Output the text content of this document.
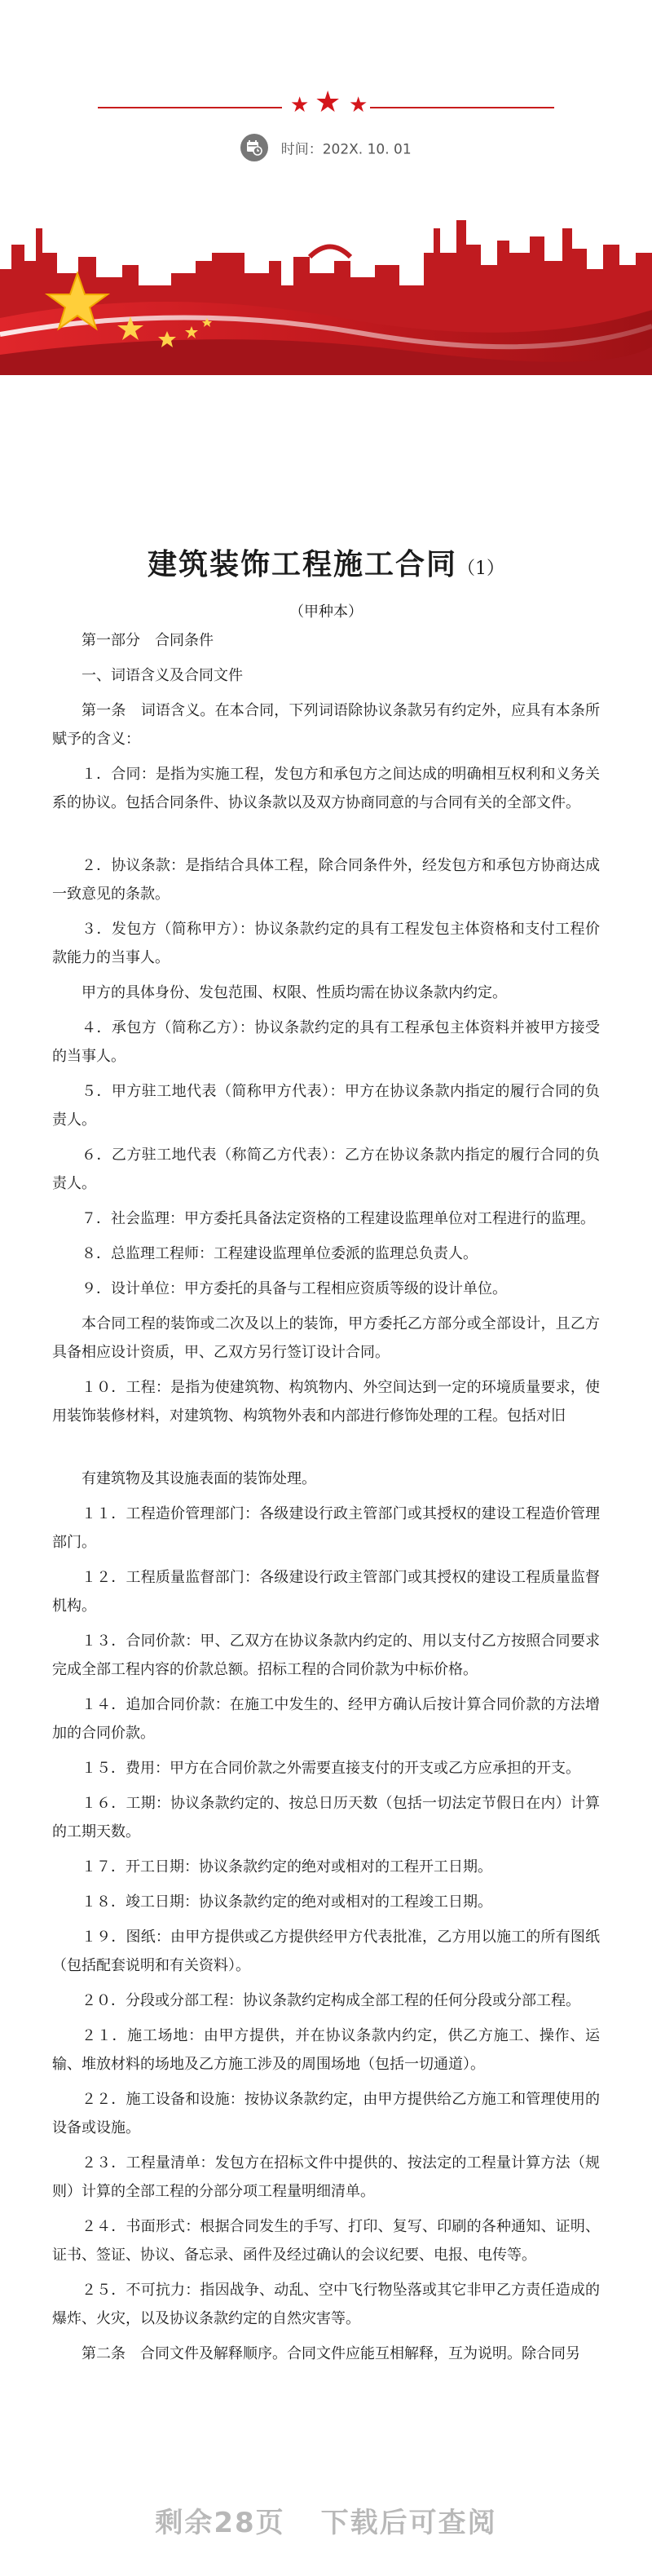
★ ★ ★
时间：202X. 10. 01
建筑装饰工程施工合同（1）
（甲种本）

第一部分　合同条件

一、词语含义及合同文件

第一条　词语含义。在本合同，下列词语除协议条款另有约定外，应具有本条所赋予的含义：

１．合同：是指为实施工程，发包方和承包方之间达成的明确相互权利和义务关系的协议。包括合同条件、协议条款以及双方协商同意的与合同有关的全部文件。

２．协议条款：是指结合具体工程，除合同条件外，经发包方和承包方协商达成一致意见的条款。

３．发包方（简称甲方）：协议条款约定的具有工程发包主体资格和支付工程价款能力的当事人。

甲方的具体身份、发包范围、权限、性质均需在协议条款内约定。

４．承包方（简称乙方）：协议条款约定的具有工程承包主体资料并被甲方接受的当事人。

５．甲方驻工地代表（简称甲方代表）：甲方在协议条款内指定的履行合同的负责人。

６．乙方驻工地代表（称简乙方代表）：乙方在协议条款内指定的履行合同的负责人。

７．社会监理：甲方委托具备法定资格的工程建设监理单位对工程进行的监理。

８．总监理工程师：工程建设监理单位委派的监理总负责人。

９．设计单位：甲方委托的具备与工程相应资质等级的设计单位。

本合同工程的装饰或二次及以上的装饰，甲方委托乙方部分或全部设计，且乙方具备相应设计资质，甲、乙双方另行签订设计合同。

１０．工程：是指为使建筑物、构筑物内、外空间达到一定的环境质量要求，使用装饰装修材料，对建筑物、构筑物外表和内部进行修饰处理的工程。包括对旧

有建筑物及其设施表面的装饰处理。

１１．工程造价管理部门：各级建设行政主管部门或其授权的建设工程造价管理部门。

１２．工程质量监督部门：各级建设行政主管部门或其授权的建设工程质量监督机构。

１３．合同价款：甲、乙双方在协议条款内约定的、用以支付乙方按照合同要求完成全部工程内容的价款总额。招标工程的合同价款为中标价格。

１４．追加合同价款：在施工中发生的、经甲方确认后按计算合同价款的方法增加的合同价款。

１５．费用：甲方在合同价款之外需要直接支付的开支或乙方应承担的开支。

１６．工期：协议条款约定的、按总日历天数（包括一切法定节假日在内）计算的工期天数。

１７．开工日期：协议条款约定的绝对或相对的工程开工日期。

１８．竣工日期：协议条款约定的绝对或相对的工程竣工日期。

１９．图纸：由甲方提供或乙方提供经甲方代表批准，乙方用以施工的所有图纸（包括配套说明和有关资料）。

２０．分段或分部工程：协议条款约定构成全部工程的任何分段或分部工程。

２１．施工场地：由甲方提供，并在协议条款内约定，供乙方施工、操作、运输、堆放材料的场地及乙方施工涉及的周围场地（包括一切通道）。

２２．施工设备和设施：按协议条款约定，由甲方提供给乙方施工和管理使用的设备或设施。

２３．工程量清单：发包方在招标文件中提供的、按法定的工程量计算方法（规则）计算的全部工程的分部分项工程量明细清单。

２４．书面形式：根据合同发生的手写、打印、复写、印刷的各种通知、证明、证书、签证、协议、备忘录、函件及经过确认的会议纪要、电报、电传等。

２５．不可抗力：指因战争、动乱、空中飞行物坠落或其它非甲乙方责任造成的爆炸、火灾，以及协议条款约定的自然灾害等。

第二条　合同文件及解释顺序。合同文件应能互相解释，互为说明。除合同另

剩余28页 下载后可查阅
